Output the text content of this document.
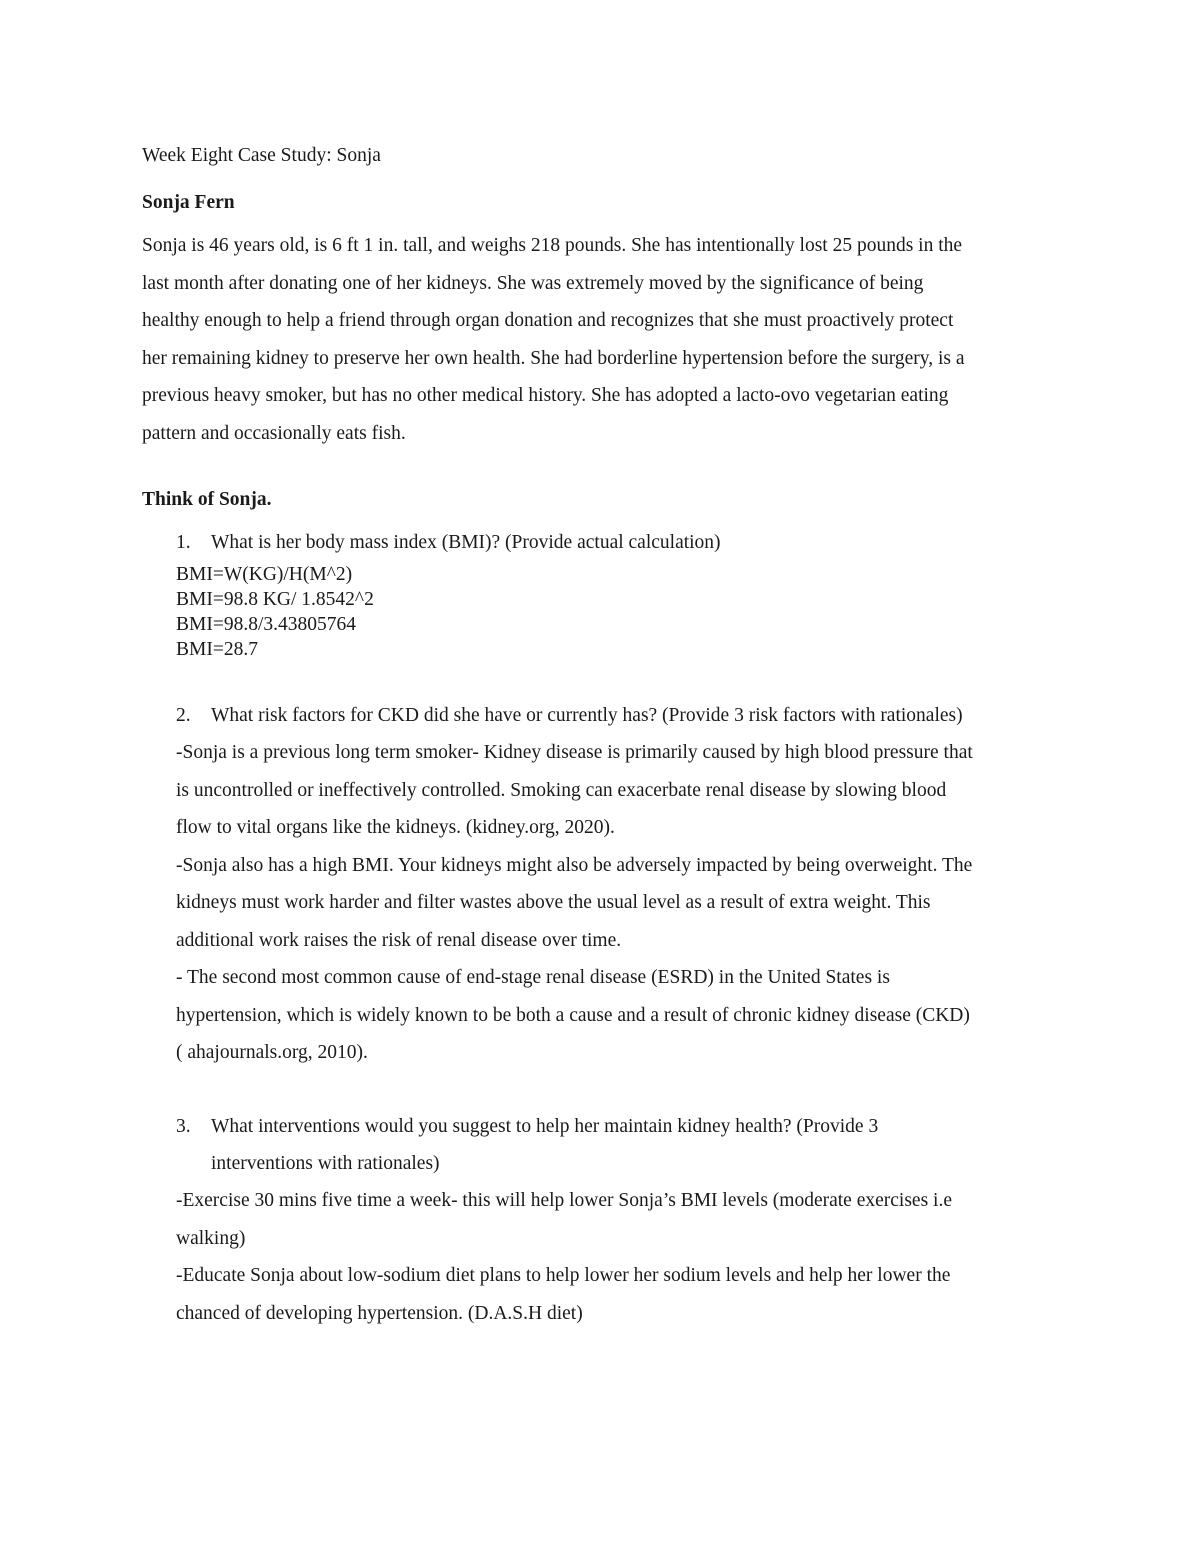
Week Eight Case Study: Sonja
Sonja Fern
Sonja is 46 years old, is 6 ft 1 in. tall, and weighs 218 pounds. She has intentionally lost 25 pounds in the
last month after donating one of her kidneys. She was extremely moved by the significance of being
healthy enough to help a friend through organ donation and recognizes that she must proactively protect
her remaining kidney to preserve her own health. She had borderline hypertension before the surgery, is a
previous heavy smoker, but has no other medical history. She has adopted a lacto-ovo vegetarian eating
pattern and occasionally eats fish.
Think of Sonja.
1. What is her body mass index (BMI)? (Provide actual calculation)
BMI=W(KG)/H(M^2)
BMI=98.8 KG/ 1.8542^2
BMI=98.8/3.43805764
BMI=28.7
2. What risk factors for CKD did she have or currently has? (Provide 3 risk factors with rationales)
-Sonja is a previous long term smoker- Kidney disease is primarily caused by high blood pressure that
is uncontrolled or ineffectively controlled. Smoking can exacerbate renal disease by slowing blood
flow to vital organs like the kidneys. (kidney.org, 2020).
-Sonja also has a high BMI. Your kidneys might also be adversely impacted by being overweight. The
kidneys must work harder and filter wastes above the usual level as a result of extra weight. This
additional work raises the risk of renal disease over time.
- The second most common cause of end-stage renal disease (ESRD) in the United States is
hypertension, which is widely known to be both a cause and a result of chronic kidney disease (CKD)
( ahajournals.org, 2010).
3. What interventions would you suggest to help her maintain kidney health? (Provide 3
interventions with rationales)
-Exercise 30 mins five time a week- this will help lower Sonja’s BMI levels (moderate exercises i.e
walking)
-Educate Sonja about low-sodium diet plans to help lower her sodium levels and help her lower the
chanced of developing hypertension. (D.A.S.H diet)
